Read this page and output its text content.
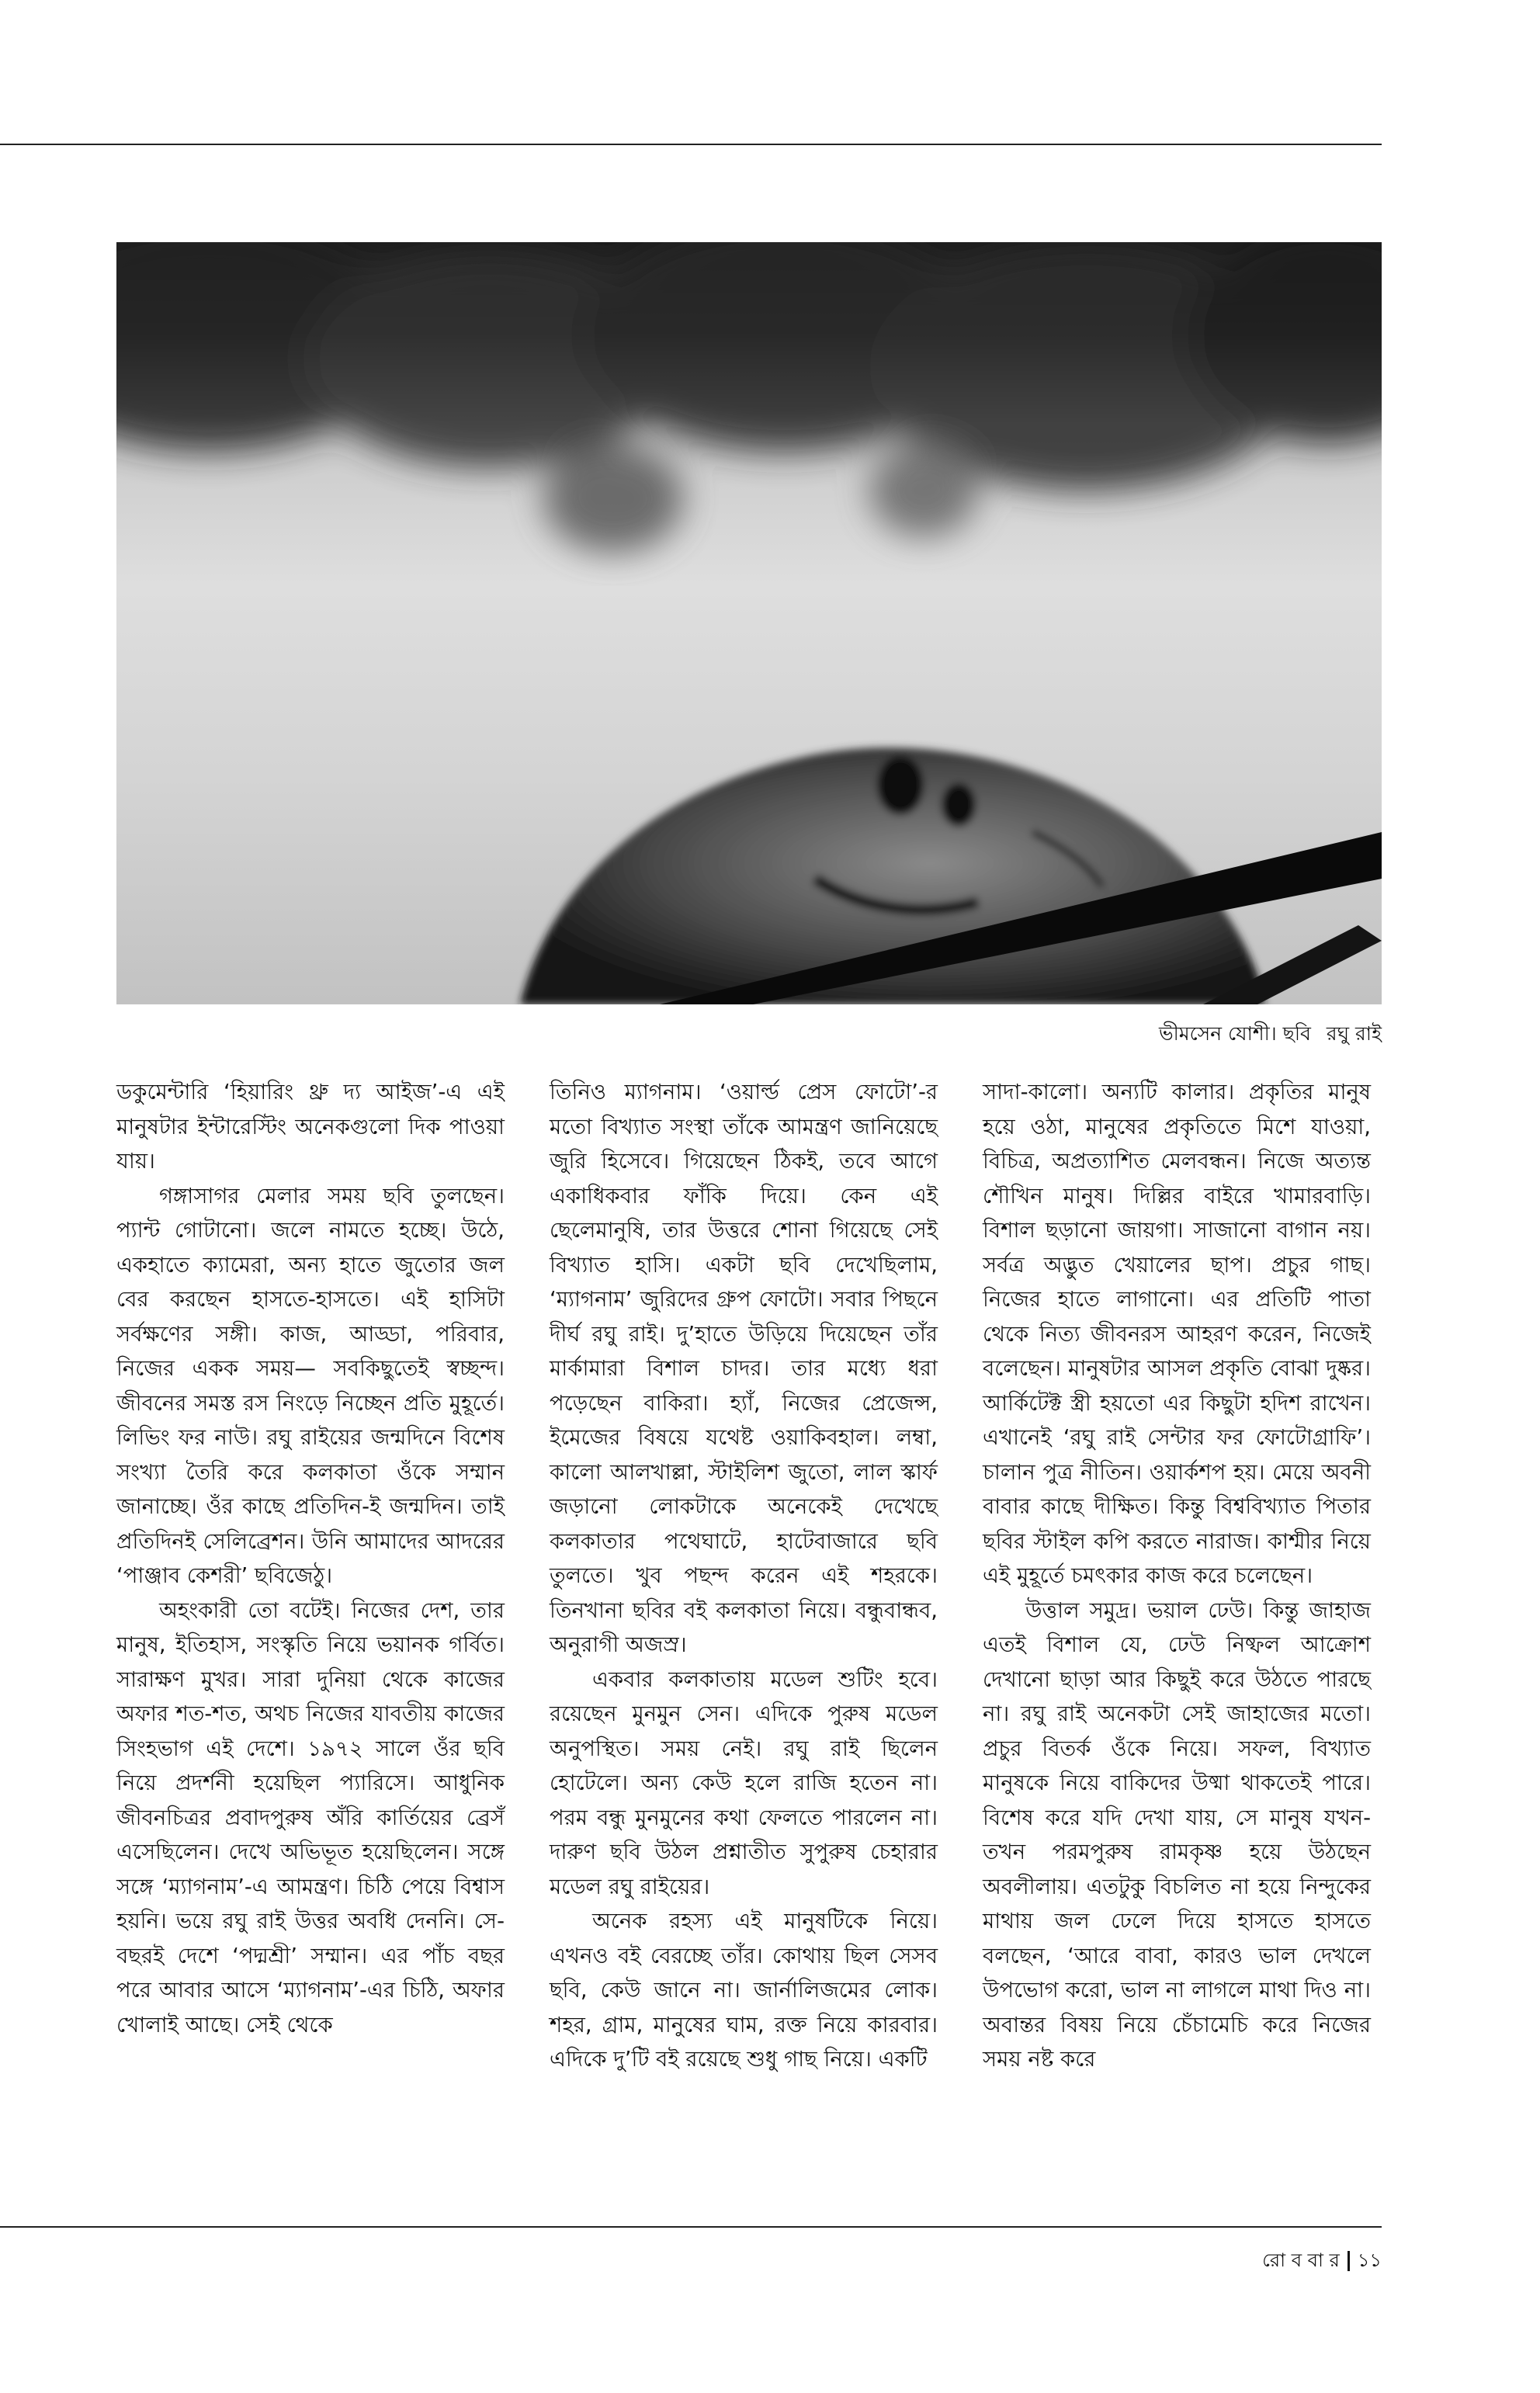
ভীমসেন যোশী। ছবি রঘু রাই

ডকুমেন্টারি ‘হিয়ারিং থ্রু দ্য আইজ’-এ এই মানুষটার ইন্টারেস্টিং অনেকগুলো দিক পাওয়া যায়।

গঙ্গাসাগর মেলার সময় ছবি তুলছেন। প্যান্ট গোটানো। জলে নামতে হচ্ছে। উঠে, একহাতে ক্যামেরা, অন্য হাতে জুতোর জল বের করছেন হাসতে-হাসতে। এই হাসিটা সর্বক্ষণের সঙ্গী। কাজ, আড্ডা, পরিবার, নিজের একক সময়— সবকিছুতেই স্বচ্ছন্দ। জীবনের সমস্ত রস নিংড়ে নিচ্ছেন প্রতি মুহূর্তে। লিভিং ফর নাউ। রঘু রাইয়ের জন্মদিনে বিশেষ সংখ্যা তৈরি করে কলকাতা ওঁকে সম্মান জানাচ্ছে। ওঁর কাছে প্রতিদিন-ই জন্মদিন। তাই প্রতিদিনই সেলিব্রেশন। উনি আমাদের আদরের ‘পাঞ্জাব কেশরী’ ছবিজেঠু।

অহংকারী তো বটেই। নিজের দেশ, তার মানুষ, ইতিহাস, সংস্কৃতি নিয়ে ভয়ানক গর্বিত। সারাক্ষণ মুখর। সারা দুনিয়া থেকে কাজের অফার শত-শত, অথচ নিজের যাবতীয় কাজের সিংহভাগ এই দেশে। ১৯৭২ সালে ওঁর ছবি নিয়ে প্রদর্শনী হয়েছিল প্যারিসে। আধুনিক জীবনচিত্রর প্রবাদপুরুষ অঁরি কার্তিয়ের ব্রেসঁ এসেছিলেন। দেখে অভিভূত হয়েছিলেন। সঙ্গে সঙ্গে ‘ম্যাগনাম’-এ আমন্ত্রণ। চিঠি পেয়ে বিশ্বাস হয়নি। ভয়ে রঘু রাই উত্তর অবধি দেননি। সে-বছরই দেশে ‘পদ্মশ্রী’ সম্মান। এর পাঁচ বছর পরে আবার আসে ‘ম্যাগনাম’-এর চিঠি, অফার খোলাই আছে। সেই থেকে

তিনিও ম্যাগনাম। ‘ওয়ার্ল্ড প্রেস ফোটো’-র মতো বিখ্যাত সংস্থা তাঁকে আমন্ত্রণ জানিয়েছে জুরি হিসেবে। গিয়েছেন ঠিকই, তবে আগে একাধিকবার ফাঁকি দিয়ে। কেন এই ছেলেমানুষি, তার উত্তরে শোনা গিয়েছে সেই বিখ্যাত হাসি। একটা ছবি দেখেছিলাম, ‘ম্যাগনাম’ জুরিদের গ্রুপ ফোটো। সবার পিছনে দীর্ঘ রঘু রাই। দু’হাতে উড়িয়ে দিয়েছেন তাঁর মার্কামারা বিশাল চাদর। তার মধ্যে ধরা পড়েছেন বাকিরা। হ্যাঁ, নিজের প্রেজেন্স, ইমেজের বিষয়ে যথেষ্ট ওয়াকিবহাল। লম্বা, কালো আলখাল্লা, স্টাইলিশ জুতো, লাল স্কার্ফ জড়ানো লোকটাকে অনেকেই দেখেছে কলকাতার পথেঘাটে, হাটেবাজারে ছবি তুলতে। খুব পছন্দ করেন এই শহরকে। তিনখানা ছবির বই কলকাতা নিয়ে। বন্ধুবান্ধব, অনুরাগী অজস্র।

একবার কলকাতায় মডেল শুটিং হবে। রয়েছেন মুনমুন সেন। এদিকে পুরুষ মডেল অনুপস্থিত। সময় নেই। রঘু রাই ছিলেন হোটেলে। অন্য কেউ হলে রাজি হতেন না। পরম বন্ধু মুনমুনের কথা ফেলতে পারলেন না। দারুণ ছবি উঠল প্রশ্নাতীত সুপুরুষ চেহারার মডেল রঘু রাইয়ের।

অনেক রহস্য এই মানুষটিকে নিয়ে। এখনও বই বেরচ্ছে তাঁর। কোথায় ছিল সেসব ছবি, কেউ জানে না। জার্নালিজমের লোক। শহর, গ্রাম, মানুষের ঘাম, রক্ত নিয়ে কারবার। এদিকে দু’টি বই রয়েছে শুধু গাছ নিয়ে। একটি

সাদা-কালো। অন্যটি কালার। প্রকৃতির মানুষ হয়ে ওঠা, মানুষের প্রকৃতিতে মিশে যাওয়া, বিচিত্র, অপ্রত্যাশিত মেলবন্ধন। নিজে অত্যন্ত শৌখিন মানুষ। দিল্লির বাইরে খামারবাড়ি। বিশাল ছড়ানো জায়গা। সাজানো বাগান নয়। সর্বত্র অদ্ভুত খেয়ালের ছাপ। প্রচুর গাছ। নিজের হাতে লাগানো। এর প্রতিটি পাতা থেকে নিত্য জীবনরস আহরণ করেন, নিজেই বলেছেন। মানুষটার আসল প্রকৃতি বোঝা দুষ্কর। আর্কিটেক্ট স্ত্রী হয়তো এর কিছুটা হদিশ রাখেন। এখানেই ‘রঘু রাই সেন্টার ফর ফোটোগ্রাফি’। চালান পুত্র নীতিন। ওয়ার্কশপ হয়। মেয়ে অবনী বাবার কাছে দীক্ষিত। কিন্তু বিশ্ববিখ্যাত পিতার ছবির স্টাইল কপি করতে নারাজ। কাশ্মীর নিয়ে এই মুহূর্তে চমৎকার কাজ করে চলেছেন।

উত্তাল সমুদ্র। ভয়াল ঢেউ। কিন্তু জাহাজ এতই বিশাল যে, ঢেউ নিষ্ফল আক্রোশ দেখানো ছাড়া আর কিছুই করে উঠতে পারছে না। রঘু রাই অনেকটা সেই জাহাজের মতো। প্রচুর বিতর্ক ওঁকে নিয়ে। সফল, বিখ্যাত মানুষকে নিয়ে বাকিদের উষ্মা থাকতেই পারে। বিশেষ করে যদি দেখা যায়, সে মানুষ যখন-তখন পরমপুরুষ রামকৃষ্ণ হয়ে উঠছেন অবলীলায়। এতটুকু বিচলিত না হয়ে নিন্দুকের মাথায় জল ঢেলে দিয়ে হাসতে হাসতে বলছেন, ‘আরে বাবা, কারও ভাল দেখলে উপভোগ করো, ভাল না লাগলে মাথা দিও না। অবান্তর বিষয় নিয়ে চেঁচামেচি করে নিজের সময় নষ্ট করে

রো ব বা র ১১
